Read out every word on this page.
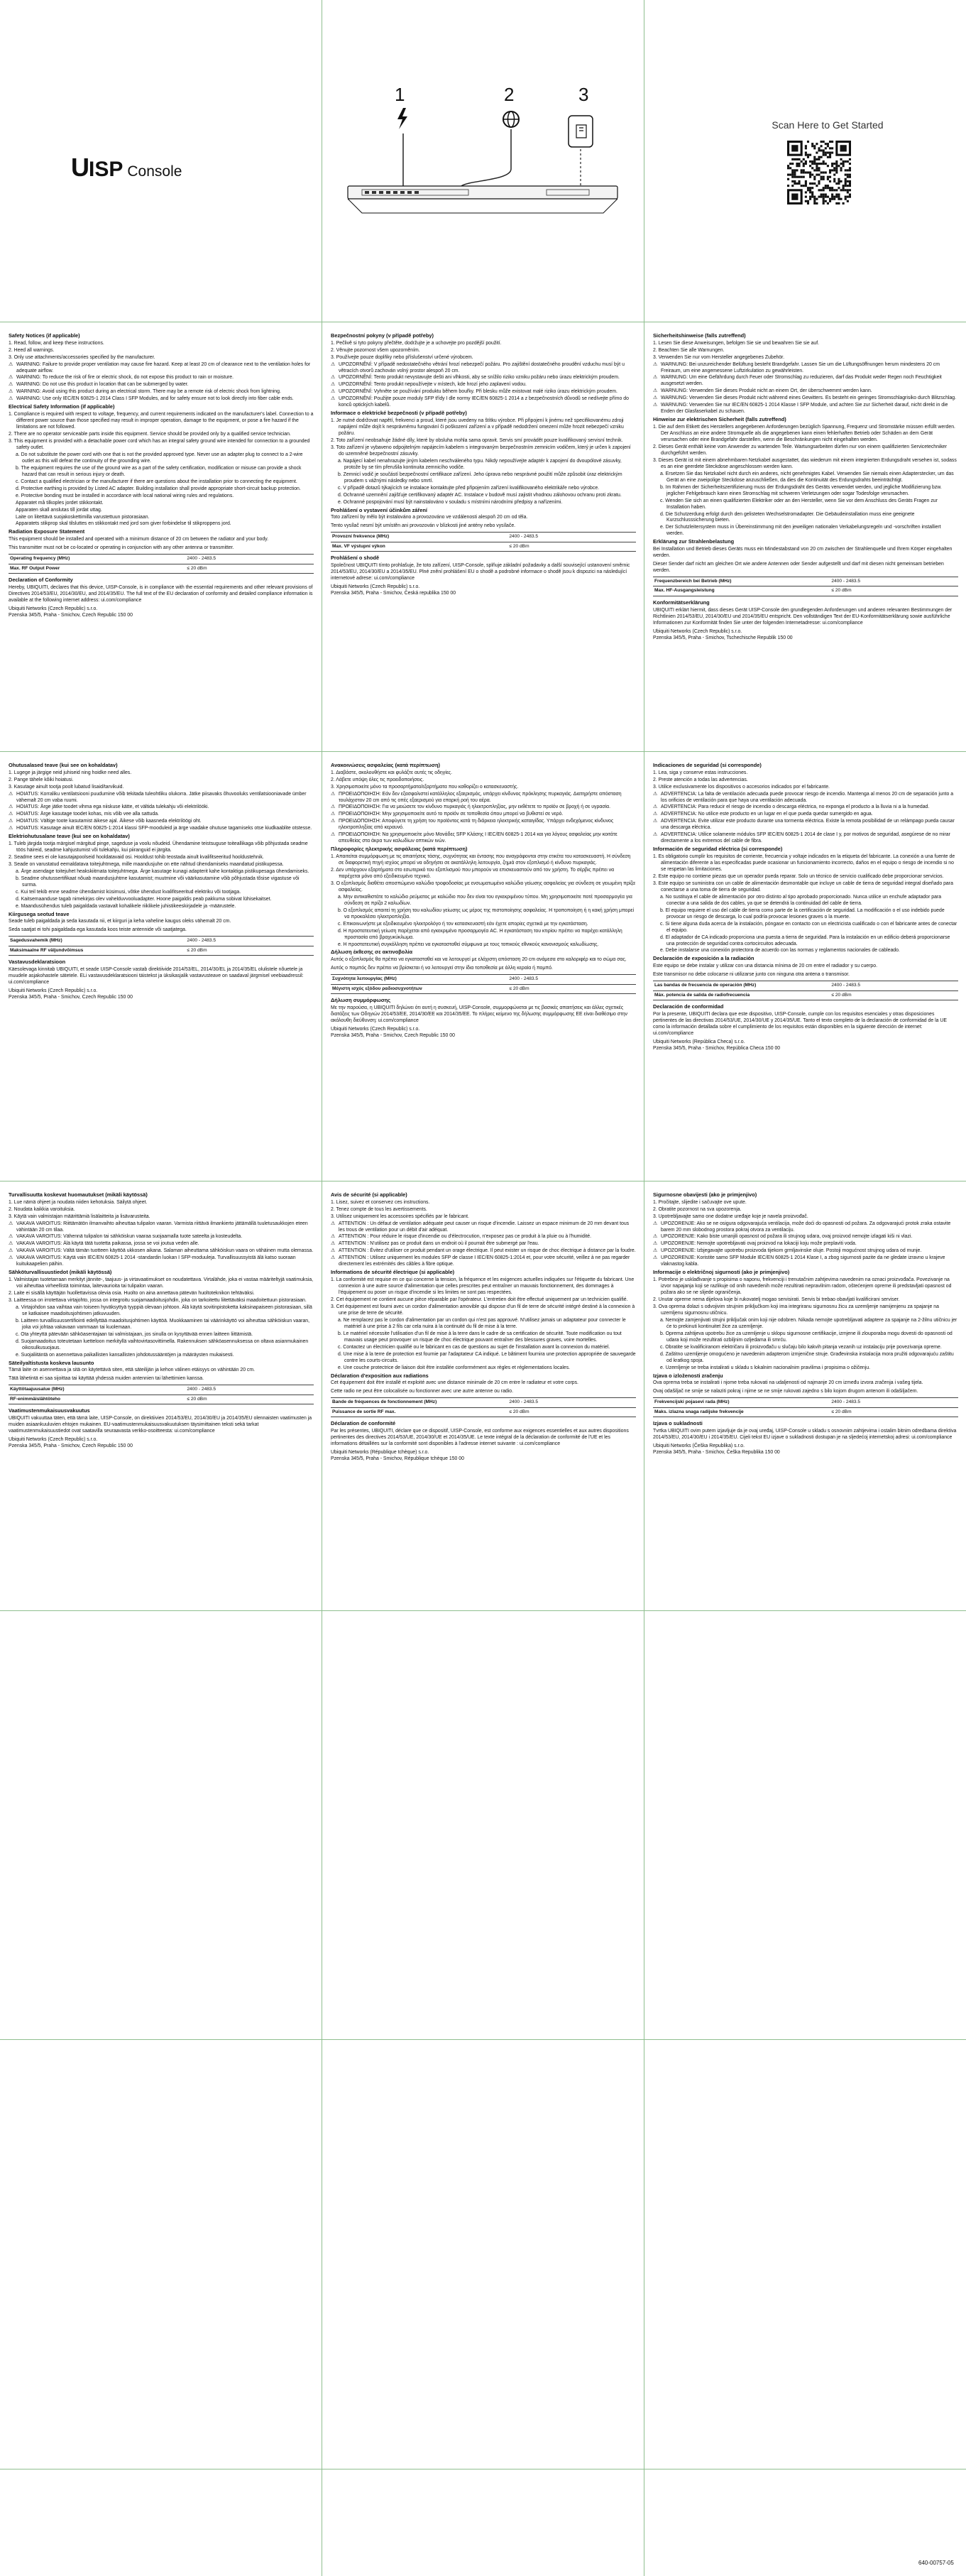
1	2	3
U ISP Console
Scan Here to Get Started
Safety Notices (if applicable)
1. Read, follow, and keep these instructions.
2. Heed all warnings.
3. Only use attachments/accessories specified by the manufacturer.
⚠ WARNING: Failure to provide proper ventilation may cause fire hazard. Keep at least 20 cm of clearance next to the ventilation holes for adequate airflow.
⚠ WARNING: To reduce the risk of fire or electric shock, do not expose this product to rain or moisture.
⚠ WARNING: Do not use this product in location that can be submerged by water.
⚠ WARNING: Avoid using this product during an electrical storm. There may be a remote risk of electric shock from lightning.
⚠ WARNING: Use only IEC/EN 60825-1 2014 Class I SFP Modules, and for safety ensure not to look directly into fiber cable ends.
Electrical Safety Information (if applicable)
1. Compliance is required with respect to voltage, frequency, and current requirements indicated on the manufacturer's label. Connection to a different power source than those specified may result in improper operation, damage to the equipment, or pose a fire hazard if the limitations are not followed.
2. There are no operator serviceable parts inside this equipment. Service should be provided only by a qualified service technician.
3. This equipment is provided with a detachable power cord which has an integral safety ground wire intended for connection to a grounded safety outlet.
a. Do not substitute the power cord with one that is not the provided approved type. Never use an adapter plug to connect to a 2-wire outlet as this will defeat the continuity of the grounding wire.
b. The equipment requires the use of the ground wire as a part of the safety certification, modification or misuse can provide a shock hazard that can result in serious injury or death.
c. Contact a qualified electrician or the manufacturer if there are questions about the installation prior to connecting the equipment.
d. Protective earthing is provided by Listed AC adapter. Building installation shall provide appropriate short-circuit backup protection.
e. Protective bonding must be installed in accordance with local national wiring rules and regulations.
Apparatet må tilkoples jordet stikkontakt.
Apparaten skall anslutas till jordat uttag.
Laite on liitettävä suojakoskettimilla varustettuun pistorasiaan.
Apparatets stikprop skal tilsluttes en stikkontakt med jord som giver forbindelse til stikproppens jord.
Radiation Exposure Statement

This equipment should be installed and operated with a minimum distance of 20 cm between the radiator and your body.

This transmitter must not be co-located or operating in conjunction with any other antenna or transmitter.

Operating frequency (MHz)	2400 - 2483.5
Max. RF Output Power	≤ 20 dBm
Declaration of Conformity

Hereby, UBIQUITI, declares that this device, UISP-Console, is in compliance with the essential requirements and other relevant provisions of Directives 2014/53/EU, 2014/30/EU, and 2014/35/EU. The full text of the EU declaration of conformity and detailed compliance information is available at the following internet address: ui.com/compliance

Ubiquiti Networks (Czech Republic) s.r.o.
Pzenska 345/5, Praha - Smichov, Czech Republic 150 00
Bezpečnostní pokyny (v případě potřeby)
1. Pečlivě si tyto pokyny přečtěte, dodržujte je a uchovejte pro pozdější použití.
2. Věnujte pozornost všem upozorněním.
3. Používejte pouze doplňky nebo příslušenství určené výrobcem.
⚠ UPOZORNĚNÍ: V případě nedostatečného větrání hrozí nebezpečí požáru. Pro zajištění dostatečného proudění vzduchu musí být u větracích otvorů zachován volný prostor alespoň 20 cm.
⚠ UPOZORNĚNÍ: Tento produkt nevystavujte dešti ani vlhkosti, aby se snížilo riziko vzniku požáru nebo úrazu elektrickým proudem.
⚠ UPOZORNĚNÍ: Tento produkt nepoužívejte v místech, kde hrozí jeho zaplavení vodou.
⚠ UPOZORNĚNÍ: Vyhněte se používání produktu během bouřky. Při blesku může existovat malé riziko úrazu elektrickým proudem.
⚠ UPOZORNĚNÍ: Použijte pouze moduly SFP třídy I dle normy IEC/EN 60825-1 2014 a z bezpečnostních důvodů se nedívejte přímo do konců optických kabelů.
Informace o elektrické bezpečnosti (v případě potřeby)
1. Je nutné dodržovat napětí, frekvenci a proud, které jsou uvedeny na štítku výrobce. Při připojení k jinému než specifikovanému zdroji napájení může dojít k nesprávnému fungování či poškození zařízení a v případě nedodržení omezení může hrozit nebezpečí vzniku požáru.
2. Toto zařízení neobsahuje žádné díly, které by obsluha mohla sama opravit. Servis smí provádět pouze kvalifikovaný servisní technik.
3. Toto zařízení je vybaveno odpojitelným napájecím kabelem s integrovaným bezpečnostním zemnicím vodičem, který je určen k zapojení do uzemněné bezpečnostní zásuvky.
a. Napájecí kabel nenahrazujte jiným kabelem neschváleného typu. Nikdy nepoužívejte adaptér k zapojení do dvoupólové zásuvky, protože by se tím přerušila kontinuita zemnicího vodiče.
b. Zemnicí vodič je součástí bezpečnostní certifikace zařízení. Jeho úprava nebo nesprávné použití může způsobit úraz elektrickým proudem s vážnými následky nebo smrtí.
c. V případě dotazů týkajících se instalace kontaktujte před připojením zařízení kvalifikovaného elektrikáře nebo výrobce.
d. Ochranné uzemnění zajišťuje certifikovaný adaptér AC. Instalace v budově musí zajistit vhodnou zálohovou ochranu proti zkratu.
e. Ochranné pospojování musí být nainstalováno v souladu s místními národními předpisy a nařízeními.
Prohlášení o vystavení účinkům záření

Toto zařízení by mělo být instalováno a provozováno ve vzdálenosti alespoň 20 cm od těla.

Tento vysílač nesmí být umístěn ani provozován v blízkosti jiné antény nebo vysílače.

Provozní frekvence (MHz)	2400 - 2483.5
Max. VF výstupní výkon	≤ 20 dBm
Prohlášení o shodě

Společnost UBIQUITI tímto prohlašuje, že toto zařízení, UISP-Console, splňuje základní požadavky a další související ustanovení směrnic 2014/53/EU, 2014/30/EU a 2014/35/EU. Plné znění prohlášení EU o shodě a podrobné informace o shodě jsou k dispozici na následující internetové adrese: ui.com/compliance

Ubiquiti Networks (Czech Republic) s.r.o.
Pzenska 345/5, Praha - Smichov, Česká republika 150 00
Sicherheitshinweise (falls zutreffend)
1. Lesen Sie diese Anweisungen, befolgen Sie sie und bewahren Sie sie auf.
2. Beachten Sie alle Warnungen.
3. Verwenden Sie nur vom Hersteller angegebenes Zubehör.
⚠ WARNUNG: Bei unzureichender Belüftung besteht Brandgefahr. Lassen Sie um die Lüftungsöffnungen herum mindestens 20 cm Freiraum, um eine angemessene Luftzirkulation zu gewährleisten.
⚠ WARNUNG: Um eine Gefährdung durch Feuer oder Stromschlag zu reduzieren, darf das Produkt weder Regen noch Feuchtigkeit ausgesetzt werden.
⚠ WARNUNG: Verwenden Sie dieses Produkt nicht an einem Ort, der überschwemmt werden kann.
⚠ WARNUNG: Verwenden Sie dieses Produkt nicht während eines Gewitters. Es besteht ein geringes Stromschlagrisiko durch Blitzschlag.
⚠ WARNUNG: Verwenden Sie nur IEC/EN 60825-1 2014 Klasse I SFP Module, und achten Sie zur Sicherheit darauf, nicht direkt in die Enden der Glasfaserkabel zu schauen.
Hinweise zur elektrischen Sicherheit (falls zutreffend)
1. Die auf dem Etikett des Herstellers angegebenen Anforderungen bezüglich Spannung, Frequenz und Stromstärke müssen erfüllt werden. Der Anschluss an eine andere Stromquelle als die angegebenen kann einen fehlerhaften Betrieb oder Schäden an dem Gerät verursachen oder eine Brandgefahr darstellen, wenn die Beschränkungen nicht eingehalten werden.
2. Dieses Gerät enthält keine vom Anwender zu wartenden Teile. Wartungsarbeiten dürfen nur von einem qualifizierten Servicetechniker durchgeführt werden.
3. Dieses Gerät ist mit einem abnehmbaren Netzkabel ausgestattet, das wiederum mit einem integrierten Erdungsdraht versehen ist, sodass es an eine geerdete Steckdose angeschlossen werden kann.
a. Ersetzen Sie das Netzkabel nicht durch ein anderes, nicht genehmigtes Kabel. Verwenden Sie niemals einen Adapterstecker, um das Gerät an eine zweipolige Steckdose anzuschließen, da dies die Kontinuität des Erdungsdrahts beeinträchtigt.
b. Im Rahmen der Sicherheitszertifizierung muss der Erdungsdraht des Geräts verwendet werden, und jegliche Modifizierung bzw. jeglicher Fehlgebrauch kann einen Stromschlag mit schweren Verletzungen oder sogar Todesfolge verursachen.
c. Wenden Sie sich an einen qualifizierten Elektriker oder an den Hersteller, wenn Sie vor dem Anschluss des Geräts Fragen zur Installation haben.
d. Die Schutzerdung erfolgt durch den gelisteten Wechselstromadapter. Die Gebäudeinstallation muss eine geeignete Kurzschlusssicherung bieten.
e. Der Schutzleitersystem muss in Übereinstimmung mit den jeweiligen nationalen Verkabelungsregeln und -vorschriften installiert werden.
Erklärung zur Strahlenbelastung

Bei Installation und Betrieb dieses Geräts muss ein Mindestabstand von 20 cm zwischen der Strahlenquelle und Ihrem Körper eingehalten werden.

Dieser Sender darf nicht am gleichen Ort wie andere Antennen oder Sender aufgestellt und darf mit diesen nicht gemeinsam betrieben werden.

Frequenzbereich bei Betrieb (MHz)	2400 - 2483.5
Max. HF-Ausgangsleistung	≤ 20 dBm
Konformitätserklärung

UBIQUITI erklärt hiermit, dass dieses Gerät UISP-Console den grundlegenden Anforderungen und anderen relevanten Bestimmungen der Richtlinien 2014/53/EU, 2014/30/EU und 2014/35/EU entspricht. Den vollständigen Text der EU-Konformitätserklärung sowie ausführliche Informationen zur Konformität finden Sie unter der folgenden Internetadresse: ui.com/compliance

Ubiquiti Networks (Czech Republic) s.r.o.
Pzenska 345/5, Praha - Smichov, Tschechische Republik 150 00
Ohutusalased teave (kui see on kohaldatav)
1. Lugege ja järgige neid juhiseid ning hoidke need alles.
2. Pange tähele kõiki hoiatusi.
3. Kasutage ainult tootja poolt lubatud lisaid/tarvikuid.
⚠ HOIATUS: Korraliku ventilatsiooni puudumine võib tekitada tuleohtliku olukorra. Jätke piisavaks õhuvooluks ventilatsiooniavade ümber vähemalt 20 cm vaba ruumi.
⚠ HOIATUS: Ärge jätke toodet vihma ega niiskuse kätte, et vältida tulekahju või elektrilööki.
⚠ HOIATUS: Ärge kasutage toodet kohas, mis võib vee alla sattuda.
⚠ HOIATUS: Vältige toote kasutamist äikese ajal. Äikese võib kaasneda elektrilöögi oht.
⚠ HOIATUS: Kasutage ainult IEC/EN 60825-1:2014 klassi SFP-mooduleid ja ärge vaadake ohutuse tagamiseks otse kiudkaablite otstesse.
Elektriohutusalane teave (kui see on kohaldatav)
1. Tuleb järgida tootja märgisel märgitud pinge, sageduse ja voolu nõudeid. Ühendamine teistsuguse toiteallikaga võib põhjustada seadme töös häireid, seadme kahjustumist või tulekahju, kui piiranguid ei järgita.
2. Seadme sees ei ole kasutajapoolseid hooldatavaid osi. Hooldust tohib teostada ainult kvalifitseeritud hooldustehnik.
3. Seade on varustatud eemaldatava toitejuhtmega, mille maandusjuhe on ette nähtud ühendamiseks maandatud pistikupessa.
a. Ärge asendage toitejuhet heakskiitmata toitejuhtmega. Ärge kasutage kunagi adapterit kahe kontaktiga pistikupesaga ühendamiseks.
b. Seadme ohutussertifikaat nõuab maandusjuhtme kasutamist; muutmine või väärkasutamine võib põhjustada tõsise vigastuse või surma.
c. Kui teil tekib enne seadme ühendamist küsimusi, võtke ühendust kvalifitseeritud elektriku või tootjaga.
d. Kaitsemaanduse tagab nimekirjas olev vahelduvvooluadapter. Hoone paigaldis peab pakkuma sobivat lühisekaitset.
e. Maandusühendus tuleb paigaldada vastavalt kohalikele riiklikele juhistikeeskirjadele ja -määrustele.
Kiirgusega seotud teave

Seade tuleb paigaldada ja seda kasutada nii, et kiirguri ja keha vaheline kaugus oleks vähemalt 20 cm.

Seda saatjat ei tohi paigaldada ega kasutada koos teiste antennide või saatjatega.

Sagedusvahemik (MHz)	2400 - 2483.5
Maksimaalne RF väljundvõimsus	≤ 20 dBm
Vastavusdeklaratsioon

Käesolevaga kinnitab UBIQUITI, et seade UISP-Console vastab direktiivide 2014/53/EL, 2014/30/EL ja 2014/35/EL olulistele nõuetele ja muudele asjakohastele sätetele. ELi vastavusdeklaratsiooni täistekst ja üksikasjalik vastavusteave on saadaval järgmisel veebiaadressil: ui.com/compliance

Ubiquiti Networks (Czech Republic) s.r.o.
Pzenska 345/5, Praha - Smichov, Czech Republic 150 00
Ανακοινώσεις ασφαλείας (κατά περίπτωση)
1. Διαβάστε, ακολουθήστε και φυλάξτε αυτές τις οδηγίες.
2. Λάβετε υπόψη όλες τις προειδοποιήσεις.
3. Χρησιμοποιείτε μόνο τα προσαρτήματα/εξαρτήματα που καθορίζει ο κατασκευαστής.
⚠ ΠΡΟΕΙΔΟΠΟΙΗΣΗ: Εάν δεν εξασφαλιστεί κατάλληλος εξαερισμός, υπάρχει κίνδυνος πρόκλησης πυρκαγιάς. Διατηρήστε απόσταση τουλάχιστον 20 cm από τις οπές εξαερισμού για επαρκή ροή του αέρα.
⚠ ΠΡΟΕΙΔΟΠΟΙΗΣΗ: Για να μειώσετε τον κίνδυνο πυρκαγιάς ή ηλεκτροπληξίας, μην εκθέτετε το προϊόν σε βροχή ή σε υγρασία.
⚠ ΠΡΟΕΙΔΟΠΟΙΗΣΗ: Μην χρησιμοποιείτε αυτό το προϊόν σε τοποθεσία όπου μπορεί να βυθιστεί σε νερό.
⚠ ΠΡΟΕΙΔΟΠΟΙΗΣΗ: Αποφύγετε τη χρήση του προϊόντος κατά τη διάρκεια ηλεκτρικής καταιγίδας. Υπάρχει ενδεχόμενος κίνδυνος ηλεκτροπληξίας από κεραυνό.
⚠ ΠΡΟΕΙΔΟΠΟΙΗΣΗ: Να χρησιμοποιείτε μόνο Μονάδες SFP Κλάσης I IEC/EN 60825-1 2014 και για λόγους ασφαλείας μην κοιτάτε απευθείας στα άκρα των καλωδίων οπτικών ινών.
Πληροφορίες ηλεκτρικής ασφάλειας (κατά περίπτωση)
1. Απαιτείται συμμόρφωση με τις απαιτήσεις τάσης, συχνότητας και έντασης που αναγράφονται στην ετικέτα του κατασκευαστή. Η σύνδεση σε διαφορετική πηγή ισχύος μπορεί να οδηγήσει σε ακατάλληλη λειτουργία, ζημιά στον εξοπλισμό ή κίνδυνο πυρκαγιάς.
2. Δεν υπάρχουν εξαρτήματα στο εσωτερικό του εξοπλισμού που μπορούν να επισκευαστούν από τον χρήστη. Το σέρβις πρέπει να παρέχεται μόνο από εξειδικευμένο τεχνικό.
3. Ο εξοπλισμός διαθέτει αποσπώμενο καλώδιο τροφοδοσίας με ενσωματωμένο καλώδιο γείωσης ασφαλείας για σύνδεση σε γειωμένη πρίζα ασφαλείας.
a. Μην αντικαθιστάτε το καλώδιο ρεύματος με καλώδιο που δεν είναι του εγκεκριμένου τύπου. Μη χρησιμοποιείτε ποτέ προσαρμογέα για σύνδεση σε πρίζα 2 καλωδίων.
b. Ο εξοπλισμός απαιτεί τη χρήση του καλωδίου γείωσης ως μέρος της πιστοποίησης ασφαλείας. Η τροποποίηση ή η κακή χρήση μπορεί να προκαλέσει ηλεκτροπληξία.
c. Επικοινωνήστε με εξειδικευμένο ηλεκτρολόγο ή τον κατασκευαστή εάν έχετε απορίες σχετικά με την εγκατάσταση.
d. Η προστατευτική γείωση παρέχεται από εγκεκριμένο προσαρμογέα AC. Η εγκατάσταση του κτιρίου πρέπει να παρέχει κατάλληλη προστασία από βραχυκύκλωμα.
e. Η προστατευτική συγκόλληση πρέπει να εγκατασταθεί σύμφωνα με τους τοπικούς εθνικούς κανονισμούς καλωδίωσης.
Δήλωση έκθεσης σε ακτινοβολία

Αυτός ο εξοπλισμός θα πρέπει να εγκατασταθεί και να λειτουργεί με ελάχιστη απόσταση 20 cm ανάμεσα στο καλοριφέρ και το σώμα σας.

Αυτός ο πομπός δεν πρέπει να βρίσκεται ή να λειτουργεί στην ίδια τοποθεσία με άλλη κεραία ή πομπό.

Συχνότητα λειτουργίας (MHz)	2400 - 2483.5
Μέγιστη ισχύς εξόδου ραδιοσυχνοτήτων	≤ 20 dBm
Δήλωση συμμόρφωσης

Με την παρούσα, η UBIQUITI δηλώνει ότι αυτή η συσκευή, UISP-Console, συμμορφώνεται με τις βασικές απαιτήσεις και άλλες σχετικές διατάξεις των Οδηγιών 2014/53/ΕΕ, 2014/30/ΕΕ και 2014/35/ΕΕ. Το πλήρες κείμενο της δήλωσης συμμόρφωσης ΕΕ είναι διαθέσιμο στην ακόλουθη διεύθυνση: ui.com/compliance

Ubiquiti Networks (Czech Republic) s.r.o.
Pzenska 345/5, Praha - Smichov, Czech Republic 150 00
Indicaciones de seguridad (si corresponde)
1. Lea, siga y conserve estas instrucciones.
2. Preste atención a todas las advertencias.
3. Utilice exclusivamente los dispositivos o accesorios indicados por el fabricante.
⚠ ADVERTENCIA: La falta de ventilación adecuada puede provocar riesgo de incendio. Mantenga al menos 20 cm de separación junto a los orificios de ventilación para que haya una ventilación adecuada.
⚠ ADVERTENCIA: Para reducir el riesgo de incendio o descarga eléctrica, no exponga el producto a la lluvia ni a la humedad.
⚠ ADVERTENCIA: No utilice este producto en un lugar en el que pueda quedar sumergido en agua.
⚠ ADVERTENCIA: Evite utilizar este producto durante una tormenta eléctrica. Existe la remota posibilidad de un relámpago pueda causar una descarga eléctrica.
⚠ ADVERTENCIA: Utilice solamente módulos SFP IEC/EN 60825-1 2014 de clase I y, por motivos de seguridad, asegúrese de no mirar directamente a los extremos del cable de fibra.
Información de seguridad eléctrica (si corresponde)
1. Es obligatorio cumplir los requisitos de corriente, frecuencia y voltaje indicados en la etiqueta del fabricante. La conexión a una fuente de alimentación diferente a las especificadas puede ocasionar un funcionamiento incorrecto, daños en el equipo o riesgo de incendio si no se respetan las limitaciones.
2. Este equipo no contiene piezas que un operador pueda reparar. Solo un técnico de servicio cualificado debe proporcionar servicios.
3. Este equipo se suministra con un cable de alimentación desmontable que incluye un cable de tierra de seguridad integral diseñado para conectarse a una toma de tierra de seguridad.
a. No sustituya el cable de alimentación por otro distinto al tipo aprobado proporcionado. Nunca utilice un enchufe adaptador para conectar a una salida de dos cables, ya que se detendrá la continuidad del cable de tierra.
b. El equipo requiere el uso del cable de tierra como parte de la certificación de seguridad. La modificación o el uso indebido puede provocar un riesgo de descarga, lo cual podría provocar lesiones graves o la muerte.
c. Si tiene alguna duda acerca de la instalación, póngase en contacto con un electricista cualificado o con el fabricante antes de conectar el equipo.
d. El adaptador de CA indicado proporciona una puesta a tierra de seguridad. Para la instalación en un edificio deberá proporcionarse una protección de seguridad contra cortocircuitos adecuada.
e. Debe instalarse una conexión protectora de acuerdo con las normas y reglamentos nacionales de cableado.
Declaración de exposición a la radiación

Este equipo se debe instalar y utilizar con una distancia mínima de 20 cm entre el radiador y su cuerpo.

Este transmisor no debe colocarse ni utilizarse junto con ninguna otra antena o transmisor.

Las bandas de frecuencia de operación (MHz)	2400 - 2483.5
Máx. potencia de salida de radiofrecuencia	≤ 20 dBm
Declaración de conformidad

Por la presente, UBIQUITI declara que este dispositivo, UISP-Console, cumple con los requisitos esenciales y otras disposiciones pertinentes de las directivas 2014/53/UE, 2014/30/UE y 2014/35/UE. Tanto el texto completo de la declaración de conformidad de la UE como la información detallada sobre el cumplimiento de los requisitos están disponibles en la siguiente dirección de internet: ui.com/compliance

Ubiquiti Networks (República Checa) s.r.o.
Pzenska 345/5, Praha - Smichov, República Checa 150 00
Turvallisuutta koskevat huomautukset (mikäli käytössä)
1. Lue nämä ohjeet ja noudata niiden kehotuksia. Säilytä ohjeet.
2. Noudata kaikkia varoituksia.
3. Käytä vain valmistajan määrittämiä lisälaitteita ja lisävarusteita.
⚠ VAKAVA VAROITUS: Riittämätön ilmanvaihto aiheuttaa tulipalon vaaran. Varmista riittävä ilmankierto jättämällä tuuletusaukkojen eteen vähintään 20 cm tilaa.
⚠ VAKAVA VAROITUS: Vähennä tulipalon tai sähköiskun vaaraa suojaamalla tuote sateelta ja kosteudelta.
⚠ VAKAVA VAROITUS: Älä käytä tätä tuotetta paikassa, jossa se voi joutua veden alle.
⚠ VAKAVA VAROITUS: Vältä tämän tuotteen käyttöä ukkosen aikana. Salaman aiheuttama sähköiskun vaara on vähäinen mutta olemassa.
⚠ VAKAVA VAROITUS: Käytä vain IEC/EN 60825-1 2014 -standardin luokan I SFP-moduuleja. Turvallisuussyistä älä katso suoraan kuitukaapelien päihin.
Sähköturvallisuustiedot (mikäli käytössä)
1. Valmistajan tuotetarraan merkityt jännite-, taajuus- ja virtavaatimukset on noudatettava. Virtalähde, joka ei vastaa määriteltyjä vaatimuksia, voi aiheuttaa virheellistä toimintaa, laitevaurioita tai tulipalon vaaran.
2. Laite ei sisällä käyttäjän huollettavissa olevia osia. Huolto on aina annettava pätevän huoltoteknikon tehtäväksi.
3. Laitteessa on irrotettava virtajohto, jossa on integroitu suojamaadoitusjohdin, joka on tarkoitettu liitettäväksi maadoitettuun pistorasiaan.
a. Virtajohdon saa vaihtaa vain toiseen hyväksyttyä tyyppiä olevaan johtoon. Älä käytä sovitinpistoketta kaksinapaiseen pistorasiaan, sillä se katkaisee maadoitusjohtimen jatkuvuuden.
b. Laitteen turvallisuussertifiointi edellyttää maadoitusjohtimen käyttöä. Muokkaaminen tai väärinkäyttö voi aiheuttaa sähköiskun vaaran, joka voi johtaa vakavaan vammaan tai kuolemaan.
c. Ota yhteyttä pätevään sähköasentajaan tai valmistajaan, jos sinulla on kysyttävää ennen laitteen liittämistä.
d. Suojamaadoitus toteutetaan luetteloon merkityllä vaihtovirtasovittimella. Rakennuksen sähköasennuksessa on oltava asianmukainen oikosulkusuojaus.
e. Suojaliitäntä on asennettava paikallisten kansallisten johdotussääntöjen ja määräysten mukaisesti.
Säteilyaltistusta koskeva lausunto

Tämä laite on asennettava ja sitä on käytettävä siten, että säteilijän ja kehon välinen etäisyys on vähintään 20 cm.

Tätä lähetintä ei saa sijoittaa tai käyttää yhdessä muiden antennien tai lähettimien kanssa.

Käyttötaajuusalue (MHz)	2400 - 2483.5
RF-enimmäislähtöteho	≤ 20 dBm
Vaatimustenmukaisuusvakuutus

UBIQUITI vakuuttaa täten, että tämä laite, UISP-Console, on direktiivien 2014/53/EU, 2014/30/EU ja 2014/35/EU olennaisten vaatimusten ja muiden asiaankuuluvien ehtojen mukainen. EU-vaatimustenmukaisuusvakuutuksen täysimittainen teksti sekä tarkat vaatimustenmukaisuustiedot ovat saatavilla seuraavasta verkko-osoitteesta: ui.com/compliance

Ubiquiti Networks (Czech Republic) s.r.o.
Pzenska 345/5, Praha - Smichov, Czech Republic 150 00
Avis de sécurité (si applicable)
1. Lisez, suivez et conservez ces instructions.
2. Tenez compte de tous les avertissements.
3. Utilisez uniquement les accessoires spécifiés par le fabricant.
⚠ ATTENTION : Un défaut de ventilation adéquate peut causer un risque d'incendie. Laissez un espace minimum de 20 mm devant tous les trous de ventilation pour un débit d'air adéquat.
⚠ ATTENTION : Pour réduire le risque d'incendie ou d'électrocution, n'exposez pas ce produit à la pluie ou à l'humidité.
⚠ ATTENTION : N'utilisez pas ce produit dans un endroit où il pourrait être submergé par l'eau.
⚠ ATTENTION : Évitez d'utiliser ce produit pendant un orage électrique. Il peut exister un risque de choc électrique à distance par la foudre.
⚠ ATTENTION : Utilisez uniquement les modules SFP de classe I IEC/EN 60825-1:2014 et, pour votre sécurité, veillez à ne pas regarder directement les extrémités des câbles à fibre optique.
Informations de sécurité électrique (si applicable)
1. La conformité est requise en ce qui concerne la tension, la fréquence et les exigences actuelles indiquées sur l'étiquette du fabricant. Une connexion à une autre source d'alimentation que celles prescrites peut entraîner un mauvais fonctionnement, des dommages à l'équipement ou poser un risque d'incendie si les limites ne sont pas respectées.
2. Cet équipement ne contient aucune pièce réparable par l'opérateur. L'entretien doit être effectué uniquement par un technicien qualifié.
3. Cet équipement est fourni avec un cordon d'alimentation amovible qui dispose d'un fil de terre de sécurité intégré destiné à la connexion à une prise de terre de sécurité.
a. Ne remplacez pas le cordon d'alimentation par un cordon qui n'est pas approuvé. N'utilisez jamais un adaptateur pour connecter le matériel à une prise à 2 fils car cela nuira à la continuité du fil de mise à la terre.
b. Le matériel nécessite l'utilisation d'un fil de mise à la terre dans le cadre de sa certification de sécurité. Toute modification ou tout mauvais usage peut provoquer un risque de choc électrique pouvant entraîner des blessures graves, voire mortelles.
c. Contactez un électricien qualifié ou le fabricant en cas de questions au sujet de l'installation avant la connexion du matériel.
d. Une mise à la terre de protection est fournie par l'adaptateur CA indiqué. Le bâtiment fournira une protection appropriée de sauvegarde contre les courts-circuits.
e. Une couche protectrice de liaison doit être installée conformément aux règles et réglementations locales.
Déclaration d'exposition aux radiations

Cet équipement doit être installé et exploité avec une distance minimale de 20 cm entre le radiateur et votre corps.

Cette radio ne peut être colocalisée ou fonctionner avec une autre antenne ou radio.

Bande de fréquences de fonctionnement (MHz)	2400 - 2483.5
Puissance de sortie RF max.	≤ 20 dBm
Déclaration de conformité

Par les présentes, UBIQUITI, déclare que ce dispositif, UISP-Console, est conforme aux exigences essentielles et aux autres dispositions pertinentes des directives 2014/53/UE, 2014/30/UE et 2014/35/UE. Le texte intégral de la déclaration de conformité de l'UE et les informations détaillées sur la conformité sont disponibles à l'adresse internet suivante : ui.com/compliance

Ubiquiti Networks (République tchèque) s.r.o.
Pzenska 345/5, Praha - Smichov, République tchèque 150 00
Sigurnosne obavijesti (ako je primjenjivo)
1. Pročitajte, slijedite i sačuvajte ove upute.
2. Obratite pozornost na sva upozorenja.
3. Upotrebljavajte samo one dodatne uređaje koje je navela proizvođač.
⚠ UPOZORENJE: Ako se ne osigura odgovarajuća ventilacija, može doći do opasnosti od požara. Za odgovarajući protok zraka ostavite barem 20 mm slobodnog prostora pokraj otvora za ventilaciju.
⚠ UPOZORENJE: Kako biste umanjili opasnost od požara ili strujnog udara, ovaj proizvod nemojte izlagati kiši ni vlazi.
⚠ UPOZORENJE: Nemojte upotrebljavati ovaj proizvod na lokaciji koju može preplaviti voda.
⚠ UPOZORENJE: Izbjegavajte upotrebu proizvoda tijekom grmljavinske oluje. Postoji mogućnost strujnog udara od munje.
⚠ UPOZORENJE: Koristite samo SFP Module IEC/EN 60825-1 2014 Klase I, a zbog sigurnosti pazite da ne gledate izravno u krajeve vlaknastog kabla.
Informacije o električnoj sigurnosti (ako je primjenjivo)
1. Potrebno je usklađivanje s propisima o naponu, frekvenciji i trenutačnim zahtjevima navedenim na oznaci proizvođača. Povezivanje na izvor napajanja koji se razlikuje od onih navedenih može rezultirati nepravilnim radom, oštećenjem opreme ili predstavljati opasnost od požara ako se ne slijede ograničenja.
2. Unutar opreme nema dijelova koje bi rukovatelj mogao servisirati. Servis bi trebao obavljati kvalificirani serviser.
3. Ova oprema dolazi s odvojivim strujnim priključkom koji ima integriranu sigurnosnu žicu za uzemljenje namijenjenu za spajanje na uzemljenu sigurnosnu utičnicu.
a. Nemojte zamjenjivati strujni priključak onim koji nije odobren. Nikada nemojte upotrebljavati adaptere za spajanje na 2-žilnu utičnicu jer će to prekinuti kontinuitet žice za uzemljenje.
b. Oprema zahtijeva upotrebu žice za uzemljenje u sklopu sigurnosne certifikacije, izmjene ili zlouporaba mogu dovesti do opasnosti od udara koji može rezultirati ozbiljnim ozljedama ili smrću.
c. Obratite se kvalificiranom električaru ili proizvođaču u slučaju bilo kakvih pitanja vezanih uz instalaciju prije povezivanja opreme.
d. Zaštitno uzemljenje omogućeno je navedenim adapterom izmjenične struje. Građevinska instalacija mora pružiti odgovarajuću zaštitu od kratkog spoja.
e. Uzemljenje se treba instalirati u skladu s lokalnim nacionalnim pravilima i propisima o ožičenju.
Izjava o izloženosti zračenju

Ova oprema treba se instalirati i njome treba rukovati na udaljenosti od najmanje 20 cm između izvora zračenja i vašeg tijela.

Ovaj odašiljač ne smije se nalaziti pokraj i njime se ne smije rukovati zajedno s bilo kojom drugom antenom ili odašiljačem.

Frekvencijski pojasevi rada (MHz)	2400 - 2483.5
Maks. izlazna snaga radijske frekvencije	≤ 20 dBm
Izjava o sukladnosti

Tvrtka UBIQUITI ovim putem izjavljuje da je ovaj uređaj, UISP-Console u skladu s osnovnim zahtjevima i ostalim bitnim odredbama direktiva 2014/53/EU, 2014/30/EU i 2014/35/EU. Cijeli tekst EU izjave o sukladnosti dostupan je na sljedećoj internetskoj adresi: ui.com/compliance

Ubiquiti Networks (Češka Republika) s.r.o.
Pzenska 345/5, Praha - Smichov, Češka Republika 150 00
640-00757-05
